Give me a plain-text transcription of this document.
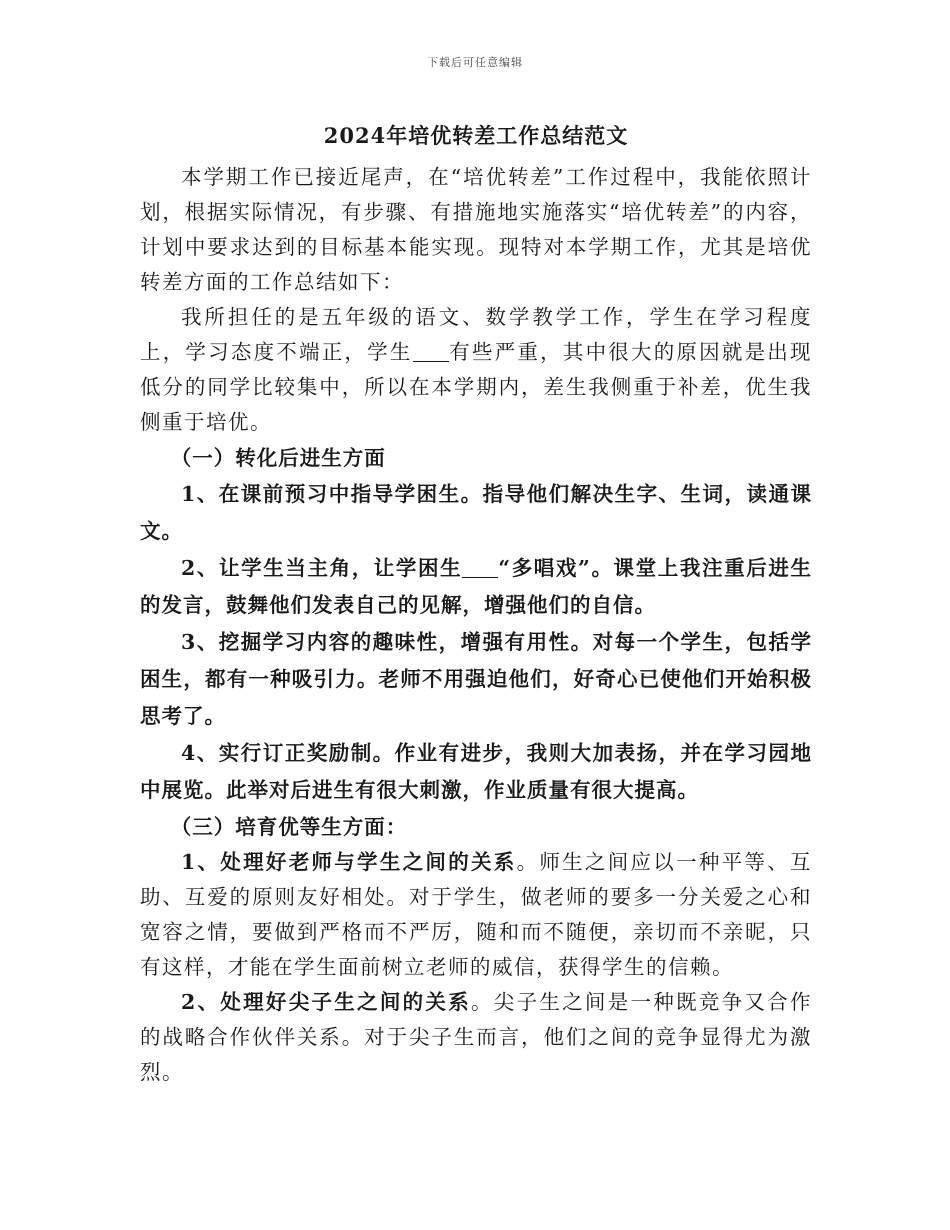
下载后可任意编辑
2024年培优转差工作总结范文

本学期工作已接近尾声，在“培优转差”工作过程中，我能依照计划，根据实际情况，有步骤、有措施地实施落实“培优转差”的内容，计划中要求达到的目标基本能实现。现特对本学期工作，尤其是培优转差方面的工作总结如下：

我所担任的是五年级的语文、数学教学工作，学生在学习程度上，学习态度不端正，学生 有些严重，其中很大的原因就是出现低分的同学比较集中，所以在本学期内，差生我侧重于补差，优生我侧重于培优。

（一）转化后进生方面

1、在课前预习中指导学困生。指导他们解决生字、生词，读通课文。

2、让学生当主角，让学困生 “多唱戏”。课堂上我注重后进生的发言，鼓舞他们发表自己的见解，增强他们的自信。

3、挖掘学习内容的趣味性，增强有用性。对每一个学生，包括学困生，都有一种吸引力。老师不用强迫他们，好奇心已使他们开始积极思考了。

4、实行订正奖励制。作业有进步，我则大加表扬，并在学习园地中展览。此举对后进生有很大刺激，作业质量有很大提高。

（三）培育优等生方面：

1、处理好老师与学生之间的关系。师生之间应以一种平等、互助、互爱的原则友好相处。对于学生，做老师的要多一分关爱之心和宽容之情，要做到严格而不严厉，随和而不随便，亲切而不亲昵，只有这样，才能在学生面前树立老师的威信，获得学生的信赖。

2、处理好尖子生之间的关系。尖子生之间是一种既竞争又合作的战略合作伙伴关系。对于尖子生而言，他们之间的竞争显得尤为激烈。
